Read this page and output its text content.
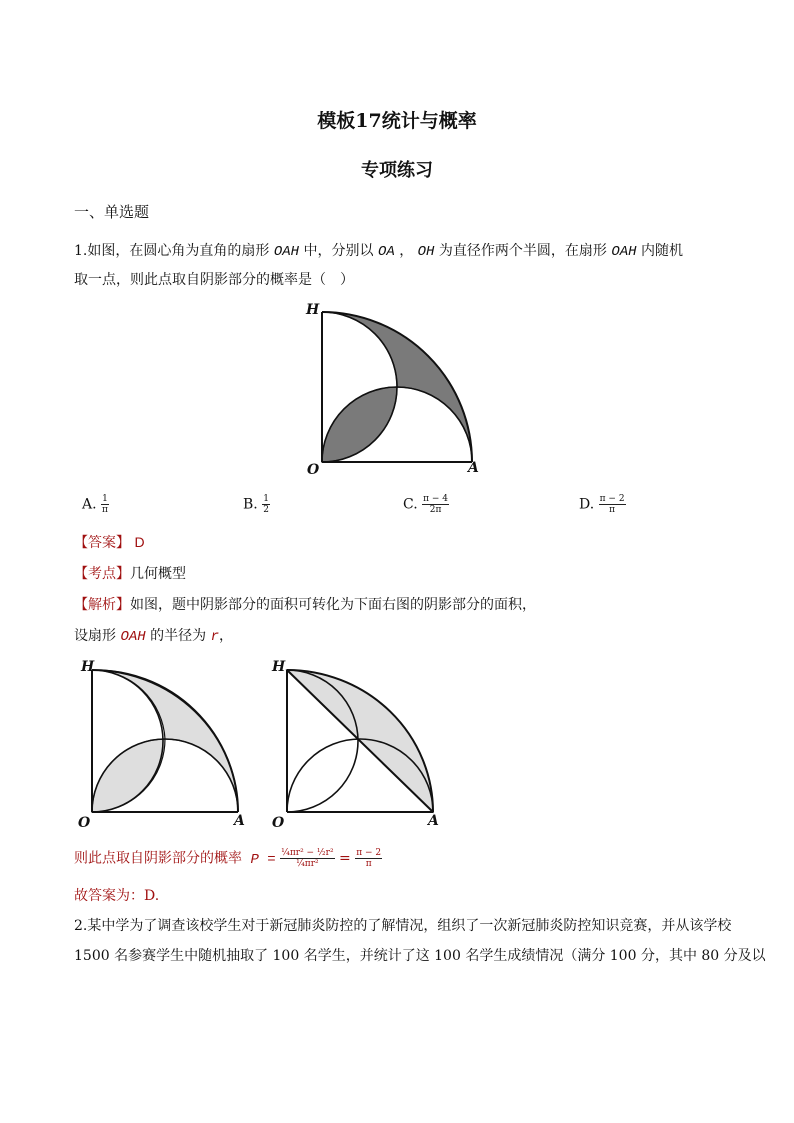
模板17统计与概率
专项练习
一、单选题
1.如图，在圆心角为直角的扇形 OAH 中，分别以 OA ， OH 为直径作两个半圆，在扇形 OAH 内随机
取一点，则此点取自阴影部分的概率是（　）
H
O	A
A. $\frac{1}{\pi}$	B. $\frac{1}{2}$	C. $\frac{\pi - 4}{2\pi}$	D. $\frac{\pi - 2}{\pi}$
【答案】 D
【考点】几何概型
【解析】如图，题中阴影部分的面积可转化为下面右图的阴影部分的面积，
设扇形 OAH 的半径为 r，
H
O	A
H
O	A
则此点取自阴影部分的概率 $P = \frac{\text{¼πr² − ½r²}}{\text{¼πr²}} = \frac{\pi - 2}{\pi}$
故答案为：D.
2.某中学为了调查该校学生对于新冠肺炎防控的了解情况，组织了一次新冠肺炎防控知识竞赛，并从该学校
1500 名参赛学生中随机抽取了 100 名学生，并统计了这 100 名学生成绩情况（满分 100 分，其中 80 分及以
